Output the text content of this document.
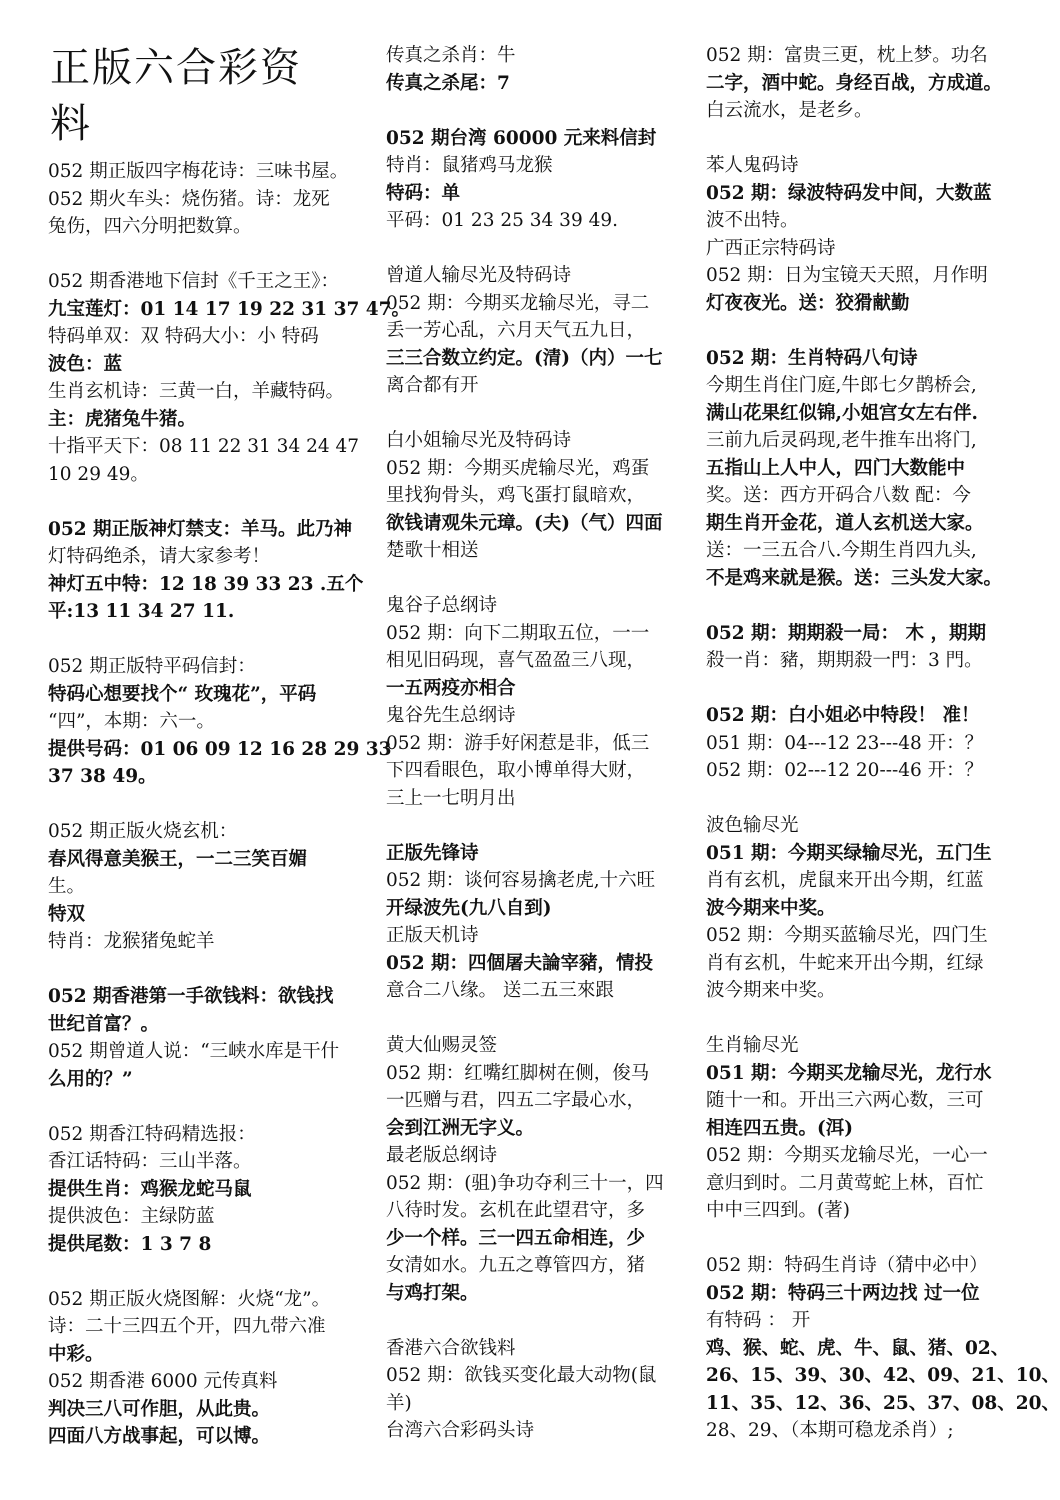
正版六合彩资
料
052 期正版四字梅花诗：三味书屋。
052 期火车头：烧伤猪。诗：龙死
兔伤，四六分明把数算。
052 期香港地下信封《千王之王》：
九宝莲灯：01 14 17 19 22 31 37 47。
特码单双：双 特码大小：小 特码
波色：蓝
生肖玄机诗：三黄一白，羊藏特码。
主：虎猪兔牛猪。
十指平天下：08 11 22 31 34 24 47
10 29 49。
052 期正版神灯禁支：羊马。此乃神
灯特码绝杀，请大家参考！
神灯五中特：12 18 39 33 23 .五个
平:13 11 34 27 11.
052 期正版特平码信封：
特码心想要找个“ 玫瑰花”，平码
“四”，本期：六一。
提供号码：01 06 09 12 16 28 29 33
37 38 49。
052 期正版火烧玄机：
春风得意美猴王，一二三笑百媚
生。
特双
特肖：龙猴猪兔蛇羊
052 期香港第一手欲钱料：欲钱找
世纪首富？。
052 期曾道人说：“三峡水库是干什
么用的？”
052 期香江特码精选报：
香江话特码：三山半落。
提供生肖：鸡猴龙蛇马鼠
提供波色：主绿防蓝
提供尾数：1 3 7 8
052 期正版火烧图解：火烧“龙”。
诗：二十三四五个开，四九带六准
中彩。
052 期香港 6000 元传真料
判决三八可作胆，从此贵。
四面八方战事起，可以博。
传真之杀肖：牛
传真之杀尾：7
052 期台湾 60000 元来料信封
特肖：鼠猪鸡马龙猴
特码：单
平码：01 23 25 34 39 49.
曾道人输尽光及特码诗
052 期：今期买龙输尽光，寻二
丢一芳心乱，六月天气五九日，
三三合数立约定。(清)（内）一七
离合都有开
白小姐输尽光及特码诗
052 期：今期买虎输尽光，鸡蛋
里找狗骨头，鸡飞蛋打鼠暗欢，
欲钱请观朱元璋。(夫)（气）四面
楚歌十相送
鬼谷子总纲诗
052 期：向下二期取五位，一一
相见旧码现，喜气盈盈三八现，
一五两疫亦相合
鬼谷先生总纲诗
052 期：游手好闲惹是非，低三
下四看眼色，取小博单得大财，
三上一七明月出
正版先锋诗
052 期：谈何容易擒老虎,十六旺
开绿波先(九八自到)
正版天机诗
052 期：四個屠夫論宰豬，情投
意合二八缘。 送二五三來跟
黄大仙赐灵签
052 期：红嘴红脚树在侧，俊马
一匹赠与君，四五二字最心水，
会到江洲无字义。
最老版总纲诗
052 期：(驵)争功夺利三十一，四
八待时发。玄机在此望君守，多
少一个样。三一四五命相连，少
女清如水。九五之尊管四方，猪
与鸡打架。
香港六合欲钱料
052 期：欲钱买变化最大动物(鼠
羊)
台湾六合彩码头诗
052 期：富贵三更，枕上梦。功名
二字，酒中蛇。身经百战，方成道。
白云流水，是老乡。
苯人鬼码诗
052 期：绿波特码发中间，大数蓝
波不出特。
广西正宗特码诗
052 期：日为宝镜天天照，月作明
灯夜夜光。送：狡猾献勤
052 期：生肖特码八句诗
今期生肖住门庭,牛郎七夕鹊桥会,
满山花果红似锦,小姐宫女左右伴.
三前九后灵码现,老牛推车出将门,
五指山上人中人，四门大数能中
奖。送：西方开码合八数 配：今
期生肖开金花，道人玄机送大家。
送：一三五合八.今期生肖四九头,
不是鸡来就是猴。送：三头发大家。
052 期：期期殺一局： 木 ，期期
殺一肖：豬，期期殺一門：3 門。
052 期：白小姐必中特段！ 准！
051 期：04---12 23---48 开：？
052 期：02---12 20---46 开：？
波色输尽光
051 期：今期买绿输尽光，五门生
肖有玄机，虎鼠来开出今期，红蓝
波今期来中奖。
052 期：今期买蓝输尽光，四门生
肖有玄机，牛蛇来开出今期，红绿
波今期来中奖。
生肖输尽光
051 期：今期买龙输尽光，龙行水
随十一和。开出三六两心数，三可
相连四五贵。(洱)
052 期：今期买龙输尽光，一心一
意归到时。二月黄莺蛇上林，百忙
中中三四到。(著)
052 期：特码生肖诗（猜中必中）
052 期：特码三十两边找 过一位
有特码 ： 开
鸡、猴、蛇、虎、牛、鼠、猪、02、
26、15、39、30、42、09、21、10、
11、35、12、36、25、37、08、20、
28、29、（本期可稳龙杀肖）;
